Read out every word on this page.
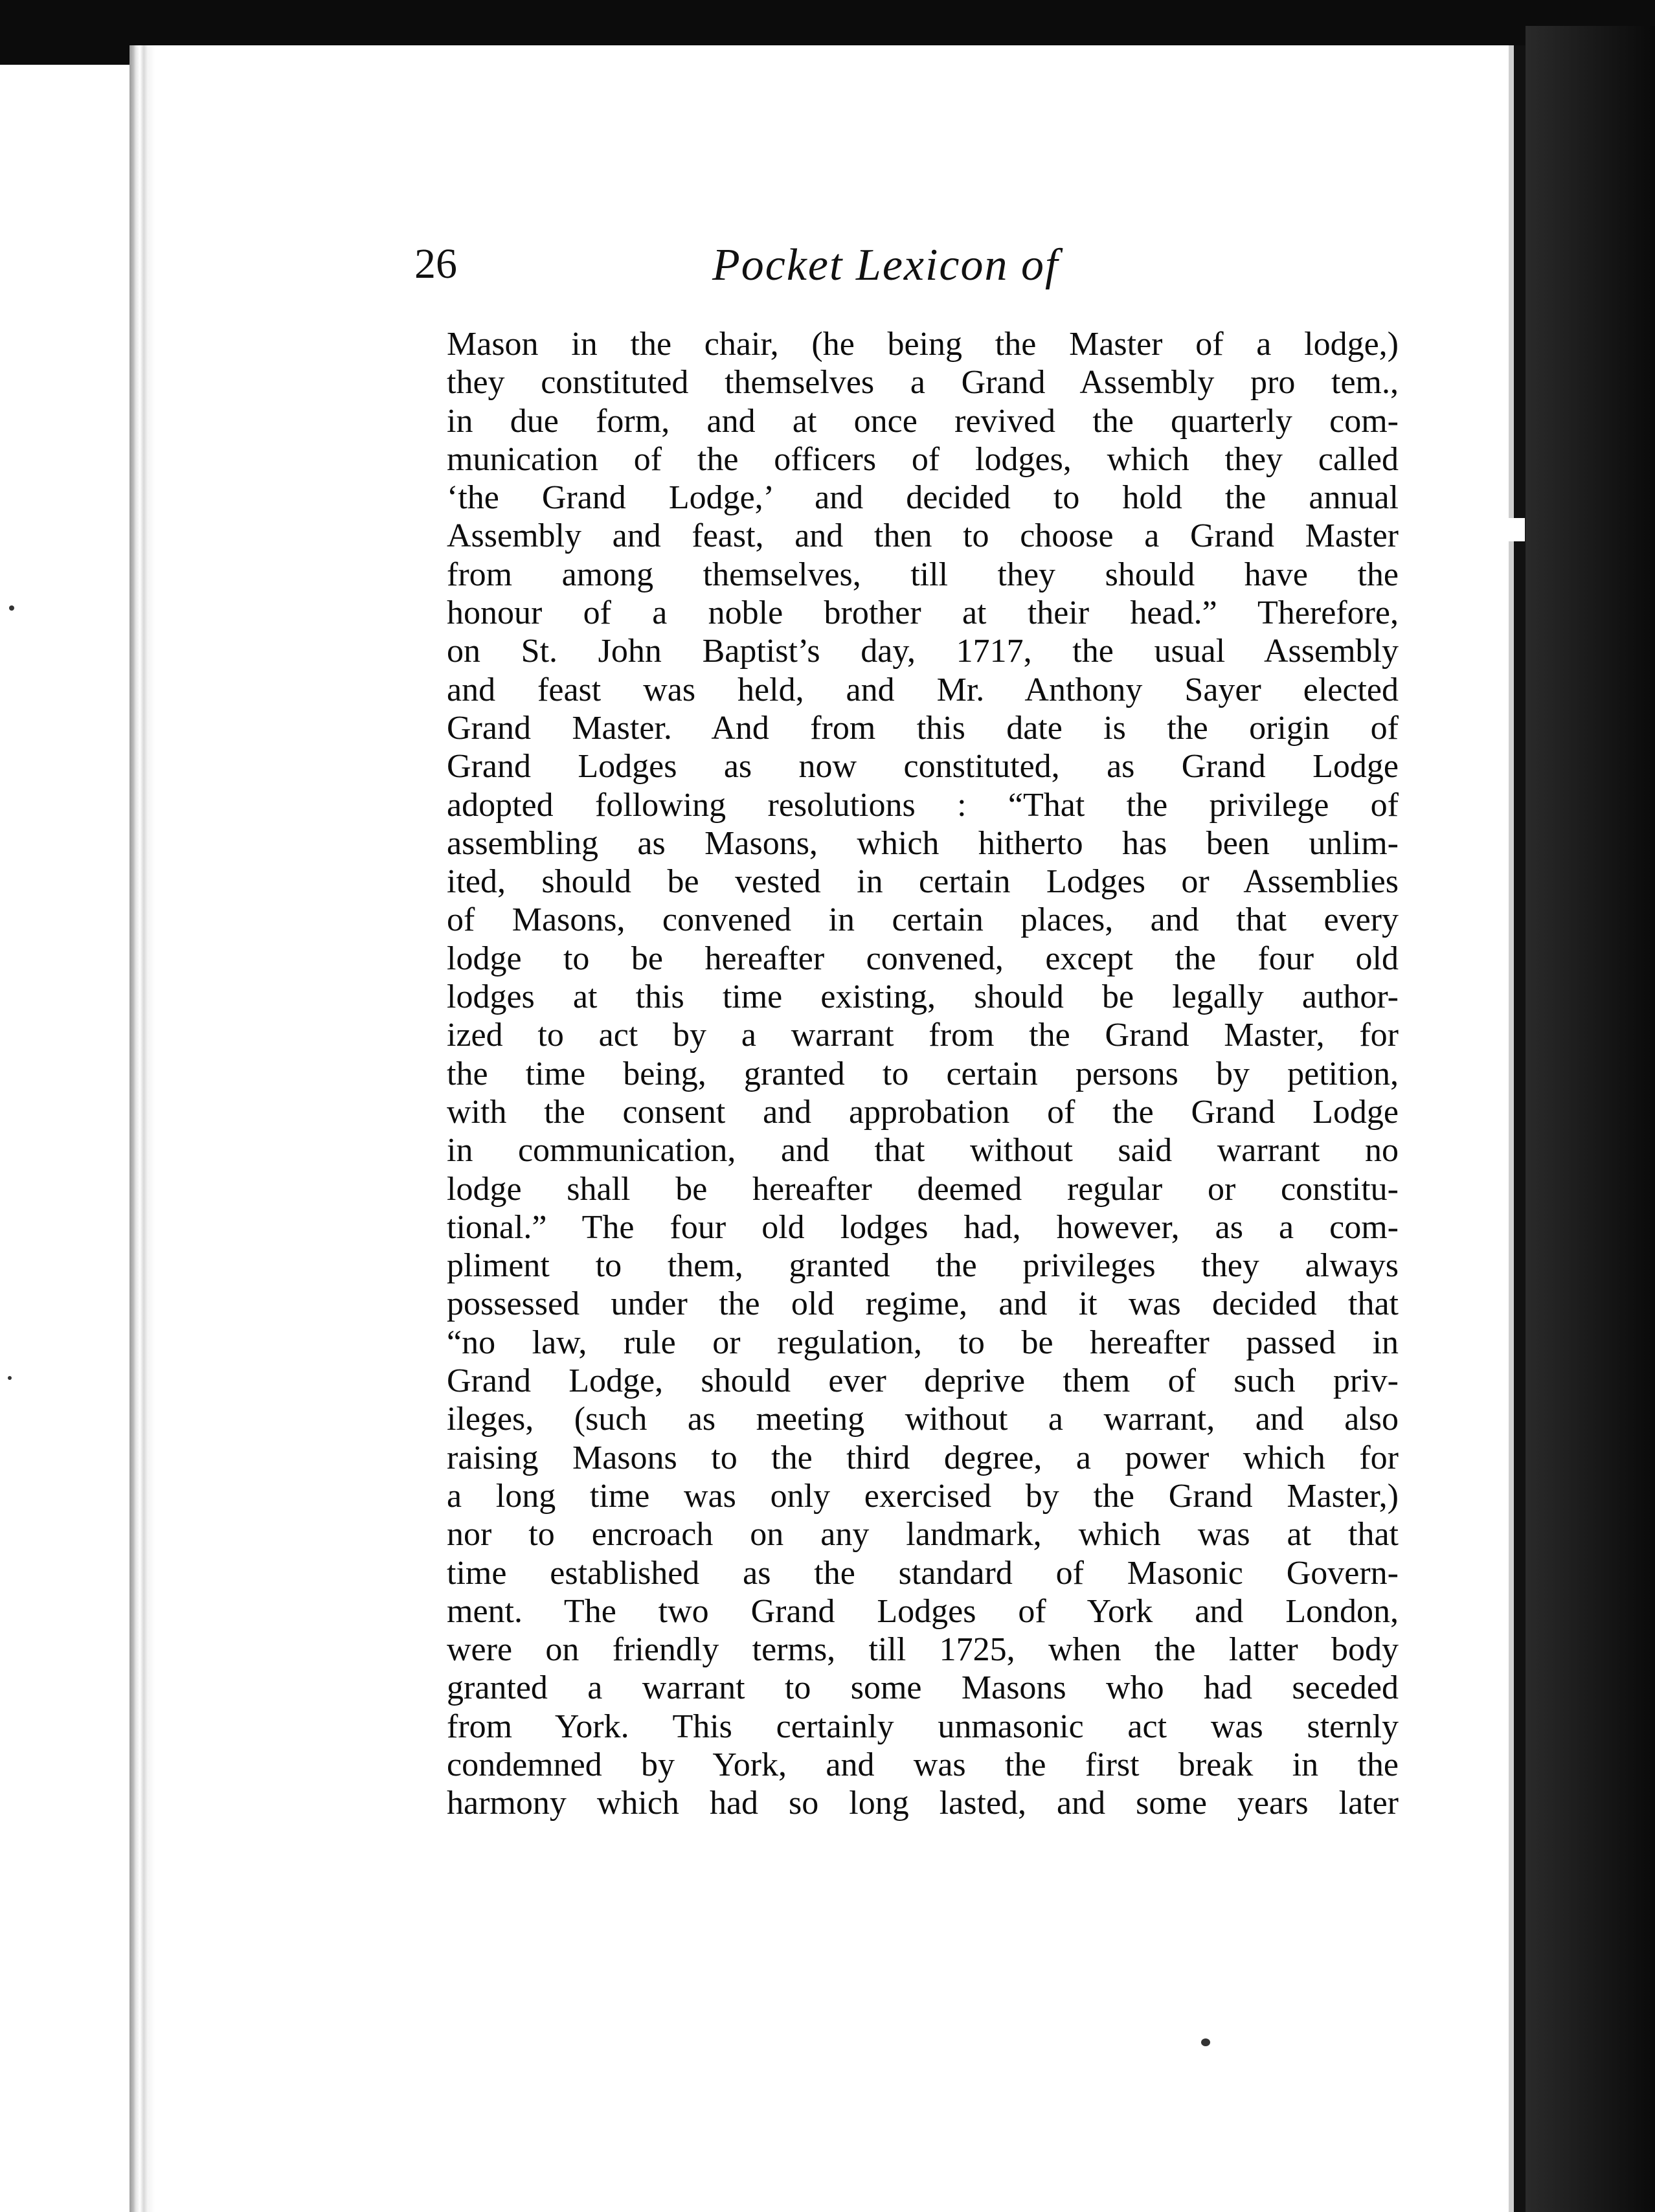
26	Pocket Lexicon of
Mason in the chair, (he being the Master of a lodge,)
they constituted themselves a Grand Assembly pro tem.,
in due form, and at once revived the quarterly com-
munication of the officers of lodges, which they called
‘the Grand Lodge,’ and decided to hold the annual
Assembly and feast, and then to choose a Grand Master
from among themselves, till they should have the
honour of a noble brother at their head.” Therefore,
on St. John Baptist’s day, 1717, the usual Assembly
and feast was held, and Mr. Anthony Sayer elected
Grand Master. And from this date is the origin of
Grand Lodges as now constituted, as Grand Lodge
adopted following resolutions : “That the privilege of
assembling as Masons, which hitherto has been unlim-
ited, should be vested in certain Lodges or Assemblies
of Masons, convened in certain places, and that every
lodge to be hereafter convened, except the four old
lodges at this time existing, should be legally author-
ized to act by a warrant from the Grand Master, for
the time being, granted to certain persons by petition,
with the consent and approbation of the Grand Lodge
in communication, and that without said warrant no
lodge shall be hereafter deemed regular or constitu-
tional.” The four old lodges had, however, as a com-
pliment to them, granted the privileges they always
possessed under the old regime, and it was decided that
“no law, rule or regulation, to be hereafter passed in
Grand Lodge, should ever deprive them of such priv-
ileges, (such as meeting without a warrant, and also
raising Masons to the third degree, a power which for
a long time was only exercised by the Grand Master,)
nor to encroach on any landmark, which was at that
time established as the standard of Masonic Govern-
ment. The two Grand Lodges of York and London,
were on friendly terms, till 1725, when the latter body
granted a warrant to some Masons who had seceded
from York. This certainly unmasonic act was sternly
condemned by York, and was the first break in the
harmony which had so long lasted, and some years later
